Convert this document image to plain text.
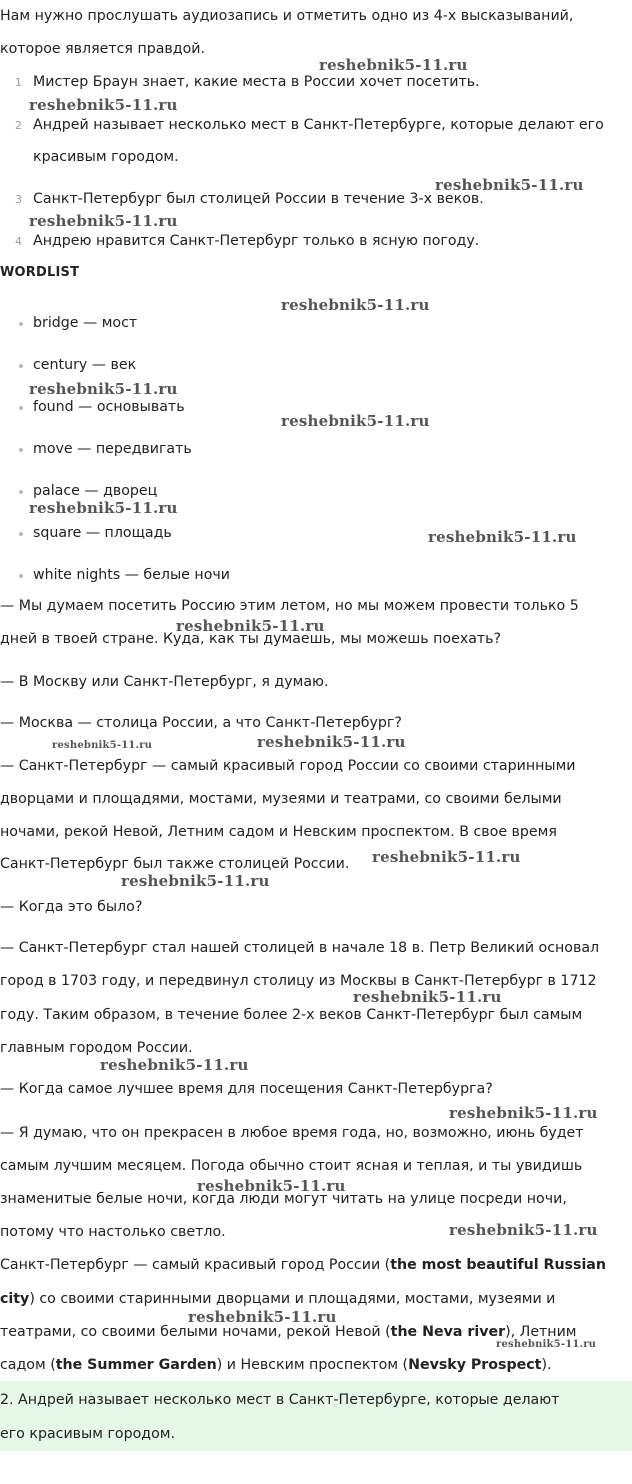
Нам нужно прослушать аудиозапись и отметить одно из 4-х высказываний,
которое является правдой.
1 Мистер Браун знает, какие места в России хочет посетить.
2 Андрей называет несколько мест в Санкт-Петербурге, которые делают его
красивым городом.
3 Санкт-Петербург был столицей России в течение 3-х веков.
4 Андрею нравится Санкт-Петербург только в ясную погоду.
WORDLIST
bridge — мост
century — век
found — основывать
move — передвигать
palace — дворец
square — площадь
white nights — белые ночи
— Мы думаем посетить Россию этим летом, но мы можем провести только 5
дней в твоей стране. Куда, как ты думаешь, мы можешь поехать?
— В Москву или Санкт-Петербург, я думаю.
— Москва — столица России, а что Санкт-Петербург?
— Санкт-Петербург — самый красивый город России со своими старинными
дворцами и площадями, мостами, музеями и театрами, со своими белыми
ночами, рекой Невой, Летним садом и Невским проспектом. В свое время
Санкт-Петербург был также столицей России.
— Когда это было?
— Санкт-Петербург стал нашей столицей в начале 18 в. Петр Великий основал
город в 1703 году, и передвинул столицу из Москвы в Санкт-Петербург в 1712
году. Таким образом, в течение более 2-х веков Санкт-Петербург был самым
главным городом России.
— Когда самое лучшее время для посещения Санкт-Петербурга?
— Я думаю, что он прекрасен в любое время года, но, возможно, июнь будет
самым лучшим месяцем. Погода обычно стоит ясная и теплая, и ты увидишь
знаменитые белые ночи, когда люди могут читать на улице посреди ночи,
потому что настолько светло.
Санкт-Петербург — самый красивый город России (the most beautiful Russian
city) со своими старинными дворцами и площадями, мостами, музеями и
театрами, со своими белыми ночами, рекой Невой (the Neva river), Летним
садом (the Summer Garden) и Невским проспектом (Nevsky Prospect).
2. Андрей называет несколько мест в Санкт-Петербурге, которые делают
его красивым городом.
reshebnik5-11.ru
reshebnik5-11.ru
reshebnik5-11.ru
reshebnik5-11.ru
reshebnik5-11.ru
reshebnik5-11.ru
reshebnik5-11.ru
reshebnik5-11.ru
reshebnik5-11.ru
reshebnik5-11.ru
reshebnik5-11.ru	reshebnik5-11.ru
reshebnik5-11.ru
reshebnik5-11.ru
reshebnik5-11.ru
reshebnik5-11.ru
reshebnik5-11.ru
reshebnik5-11.ru
reshebnik5-11.ru
reshebnik5-11.ru
reshebnik5-11.ru
